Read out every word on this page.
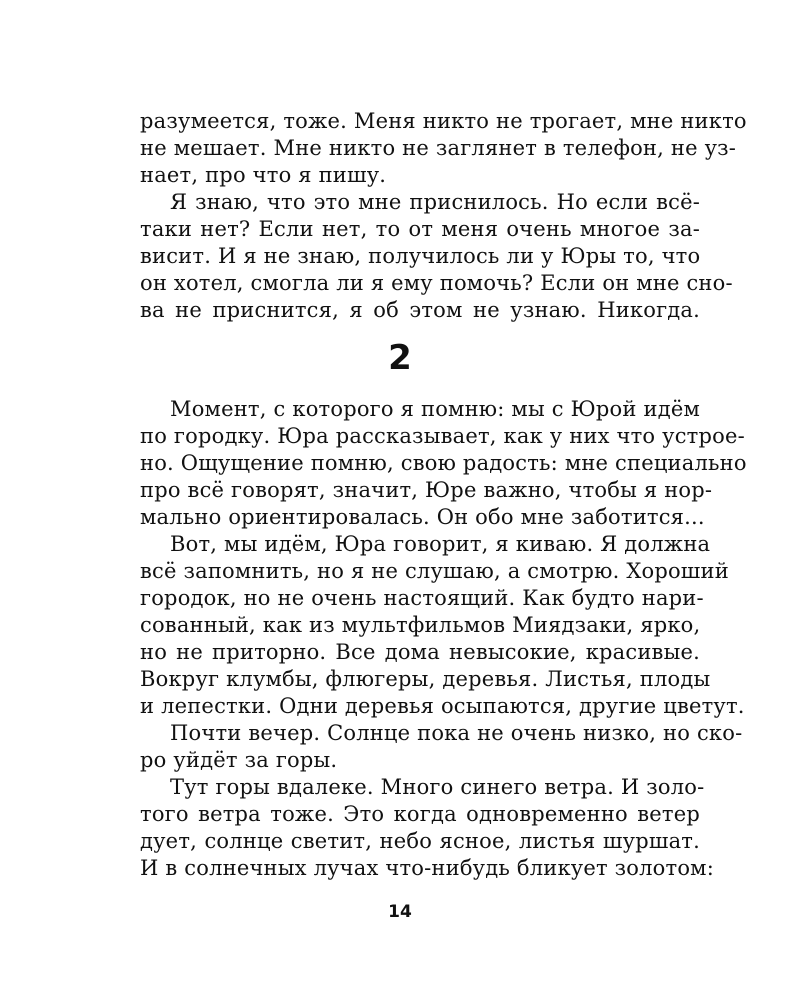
разумеется, тоже. Меня никто не трогает, мне никто
не мешает. Мне никто не заглянет в телефон, не уз-
нает, про что я пишу.
Я знаю, что это мне приснилось. Но если всё-
таки нет? Если нет, то от меня очень многое за-
висит. И я не знаю, получилось ли у Юры то, что
он хотел, смогла ли я ему помочь? Если он мне сно-
ва не приснится, я об этом не узнаю. Никогда.
2
Момент, с которого я помню: мы с Юрой идём
по городку. Юра рассказывает, как у них что устрое-
но. Ощущение помню, свою радость: мне специально
про всё говорят, значит, Юре важно, чтобы я нор-
мально ориентировалась. Он обо мне заботится...
Вот, мы идём, Юра говорит, я киваю. Я должна
всё запомнить, но я не слушаю, а смотрю. Хороший
городок, но не очень настоящий. Как будто нари-
сованный, как из мультфильмов Миядзаки, ярко,
но не приторно. Все дома невысокие, красивые.
Вокруг клумбы, флюгеры, деревья. Листья, плоды
и лепестки. Одни деревья осыпаются, другие цветут.
Почти вечер. Солнце пока не очень низко, но ско-
ро уйдёт за горы.
Тут горы вдалеке. Много синего ветра. И золо-
того ветра тоже. Это когда одновременно ветер
дует, солнце светит, небо ясное, листья шуршат.
И в солнечных лучах что-нибудь бликует золотом:
14
